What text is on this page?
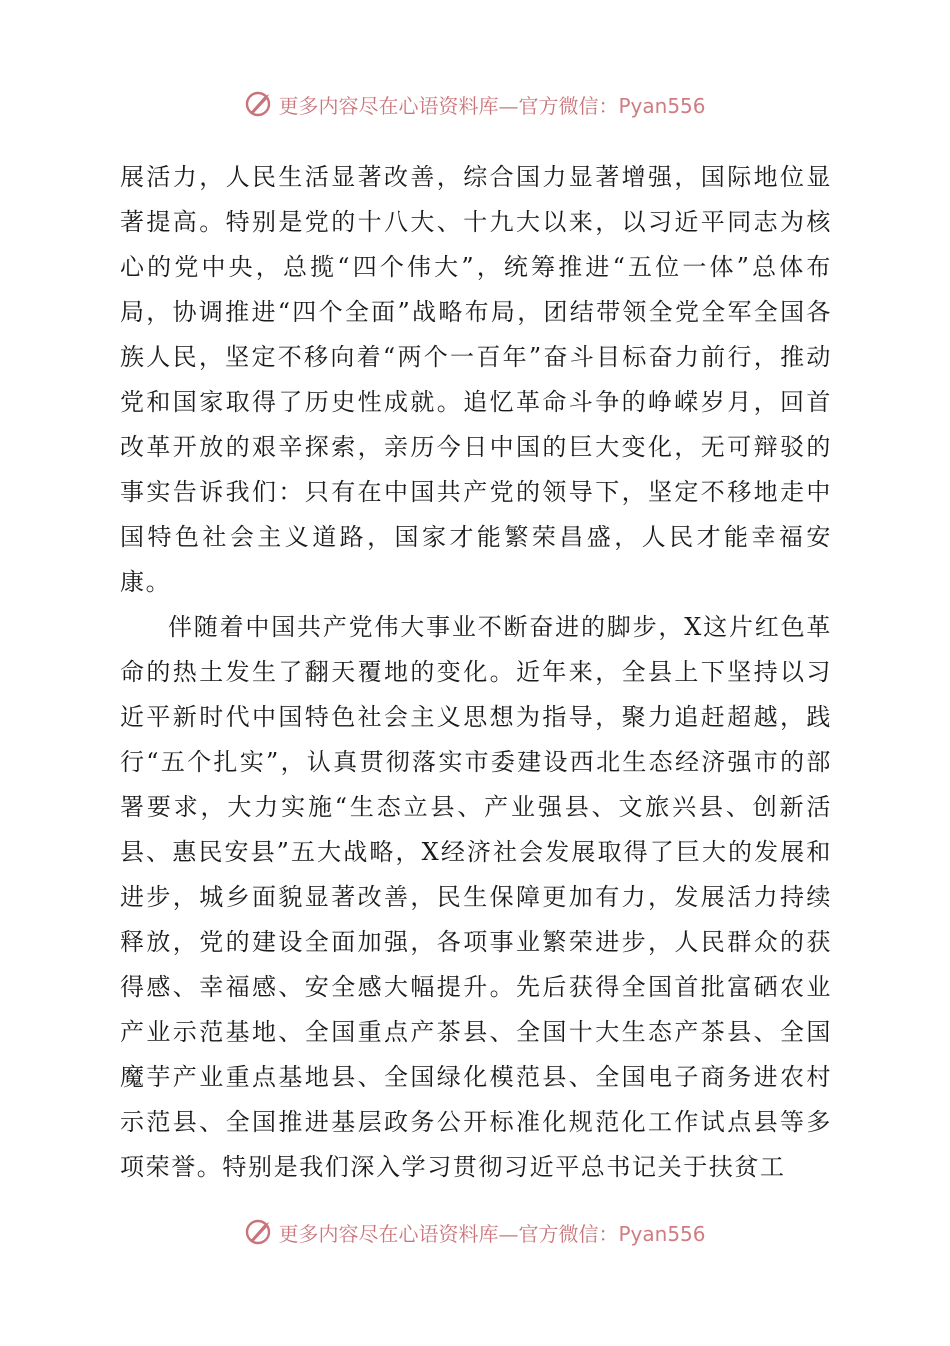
更多内容尽在心语资料库—官方微信：Pyan556

展活力，人民生活显著改善，综合国力显著增强，国际地位显著提高。特别是党的十八大、十九大以来，以习近平同志为核心的党中央，总揽“四个伟大”，统筹推进“五位一体”总体布局，协调推进“四个全面”战略布局，团结带领全党全军全国各族人民，坚定不移向着“两个一百年”奋斗目标奋力前行，推动党和国家取得了历史性成就。追忆革命斗争的峥嵘岁月，回首改革开放的艰辛探索，亲历今日中国的巨大变化，无可辩驳的事实告诉我们：只有在中国共产党的领导下，坚定不移地走中国特色社会主义道路，国家才能繁荣昌盛，人民才能幸福安康。

伴随着中国共产党伟大事业不断奋进的脚步，X这片红色革命的热土发生了翻天覆地的变化。近年来，全县上下坚持以习近平新时代中国特色社会主义思想为指导，聚力追赶超越，践行“五个扎实”，认真贯彻落实市委建设西北生态经济强市的部署要求，大力实施“生态立县、产业强县、文旅兴县、创新活县、惠民安县”五大战略，X经济社会发展取得了巨大的发展和进步，城乡面貌显著改善，民生保障更加有力，发展活力持续释放，党的建设全面加强，各项事业繁荣进步，人民群众的获得感、幸福感、安全感大幅提升。先后获得全国首批富硒农业产业示范基地、全国重点产茶县、全国十大生态产茶县、全国魔芋产业重点基地县、全国绿化模范县、全国电子商务进农村示范县、全国推进基层政务公开标准化规范化工作试点县等多项荣誉。特别是我们深入学习贯彻习近平总书记关于扶贫工

更多内容尽在心语资料库—官方微信：Pyan556
